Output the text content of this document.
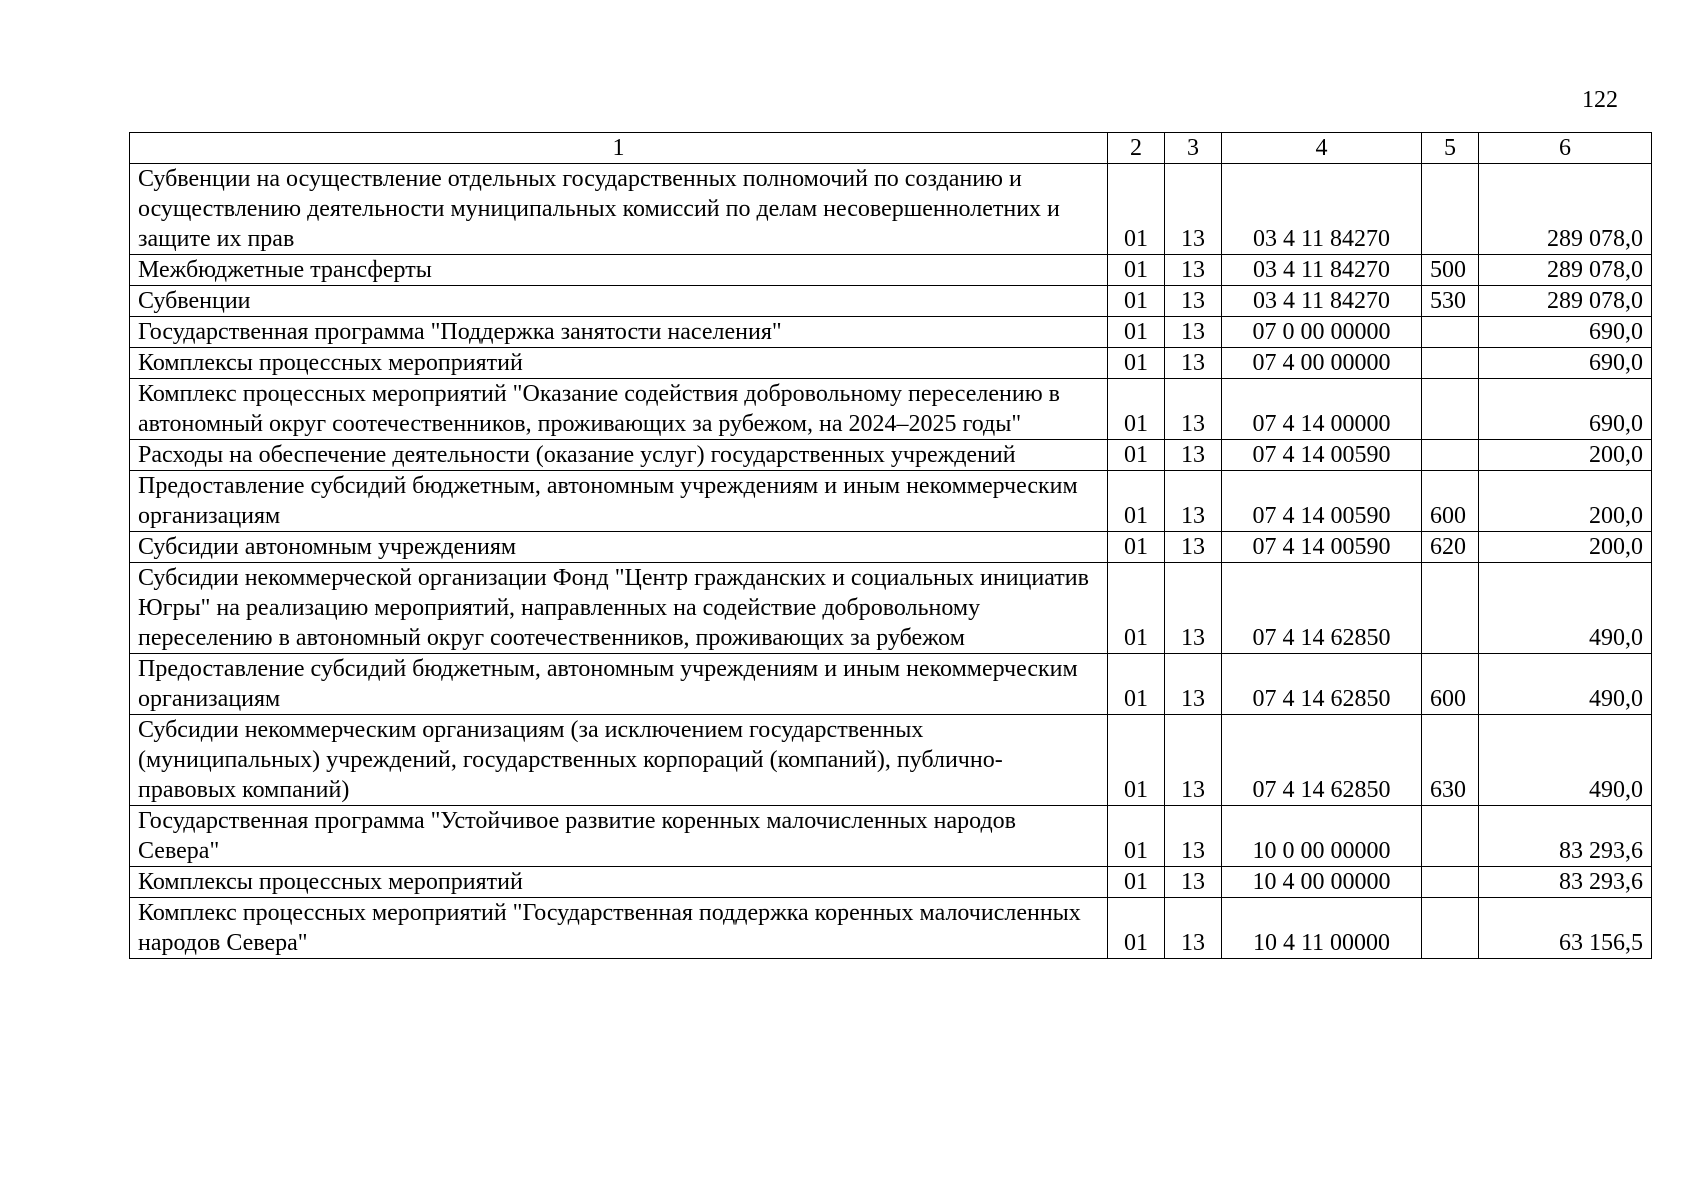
122
1	2	3	4	5	6
Субвенции на осуществление отдельных государственных полномочий по созданию и осуществлению деятельности муниципальных комиссий по делам несовершеннолетних и защите их прав	01	13	03 4 11 84270		289 078,0
Межбюджетные трансферты	01	13	03 4 11 84270	500	289 078,0
Субвенции	01	13	03 4 11 84270	530	289 078,0
Государственная программа "Поддержка занятости населения"	01	13	07 0 00 00000		690,0
Комплексы процессных мероприятий	01	13	07 4 00 00000		690,0
Комплекс процессных мероприятий "Оказание содействия добровольному переселению в автономный округ соотечественников, проживающих за рубежом, на 2024–2025 годы"	01	13	07 4 14 00000		690,0
Расходы на обеспечение деятельности (оказание услуг) государственных учреждений	01	13	07 4 14 00590		200,0
Предоставление субсидий бюджетным, автономным учреждениям и иным некоммерческим организациям	01	13	07 4 14 00590	600	200,0
Субсидии автономным учреждениям	01	13	07 4 14 00590	620	200,0
Субсидии некоммерческой организации Фонд "Центр гражданских и социальных инициатив Югры" на реализацию мероприятий, направленных на содействие добровольному переселению в автономный округ соотечественников, проживающих за рубежом	01	13	07 4 14 62850		490,0
Предоставление субсидий бюджетным, автономным учреждениям и иным некоммерческим организациям	01	13	07 4 14 62850	600	490,0
Субсидии некоммерческим организациям (за исключением государственных (муниципальных) учреждений, государственных корпораций (компаний), публично-правовых компаний)	01	13	07 4 14 62850	630	490,0
Государственная программа "Устойчивое развитие коренных малочисленных народов Севера"	01	13	10 0 00 00000		83 293,6
Комплексы процессных мероприятий	01	13	10 4 00 00000		83 293,6
Комплекс процессных мероприятий "Государственная поддержка коренных малочисленных народов Севера"	01	13	10 4 11 00000		63 156,5
